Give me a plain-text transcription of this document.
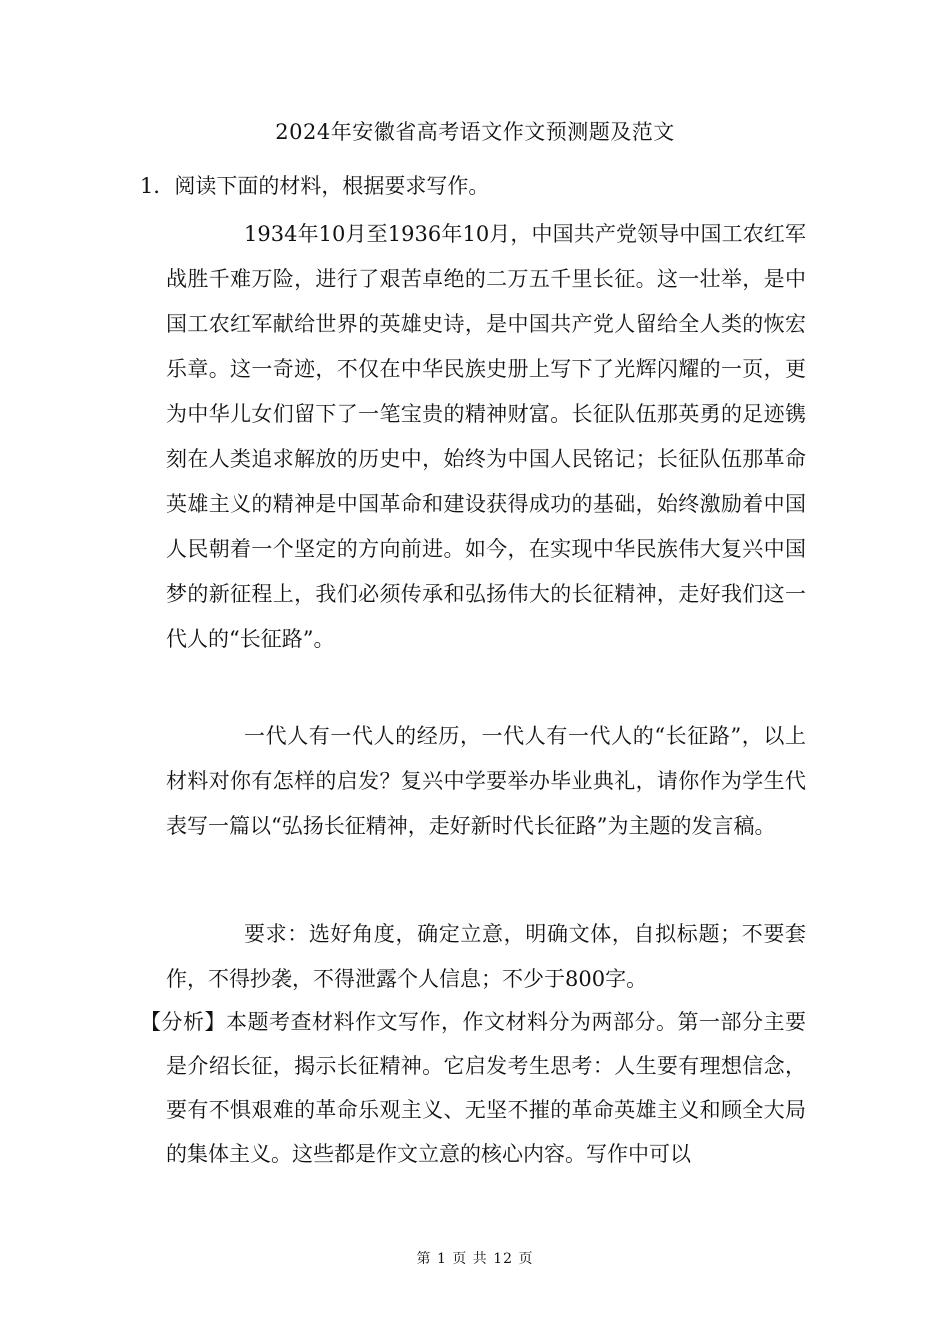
2024年安徽省高考语文作文预测题及范文
1．阅读下面的材料，根据要求写作。

1934年10月至1936年10月，中国共产党领导中国工农红军战胜千难万险，进行了艰苦卓绝的二万五千里长征。这一壮举，是中国工农红军献给世界的英雄史诗，是中国共产党人留给全人类的恢宏乐章。这一奇迹，不仅在中华民族史册上写下了光辉闪耀的一页，更为中华儿女们留下了一笔宝贵的精神财富。长征队伍那英勇的足迹镌刻在人类追求解放的历史中，始终为中国人民铭记；长征队伍那革命英雄主义的精神是中国革命和建设获得成功的基础，始终激励着中国人民朝着一个坚定的方向前进。如今，在实现中华民族伟大复兴中国梦的新征程上，我们必须传承和弘扬伟大的长征精神，走好我们这一代人的“长征路”。

一代人有一代人的经历，一代人有一代人的“长征路”，以上材料对你有怎样的启发？复兴中学要举办毕业典礼，请你作为学生代表写一篇以“弘扬长征精神，走好新时代长征路”为主题的发言稿。

要求：选好角度，确定立意，明确文体，自拟标题；不要套作，不得抄袭，不得泄露个人信息；不少于800字。

【分析】本题考查材料作文写作，作文材料分为两部分。第一部分主要是介绍长征，揭示长征精神。它启发考生思考：人生要有理想信念，要有不惧艰难的革命乐观主义、无坚不摧的革命英雄主义和顾全大局的集体主义。这些都是作文立意的核心内容。写作中可以

第 1 页 共 12 页
